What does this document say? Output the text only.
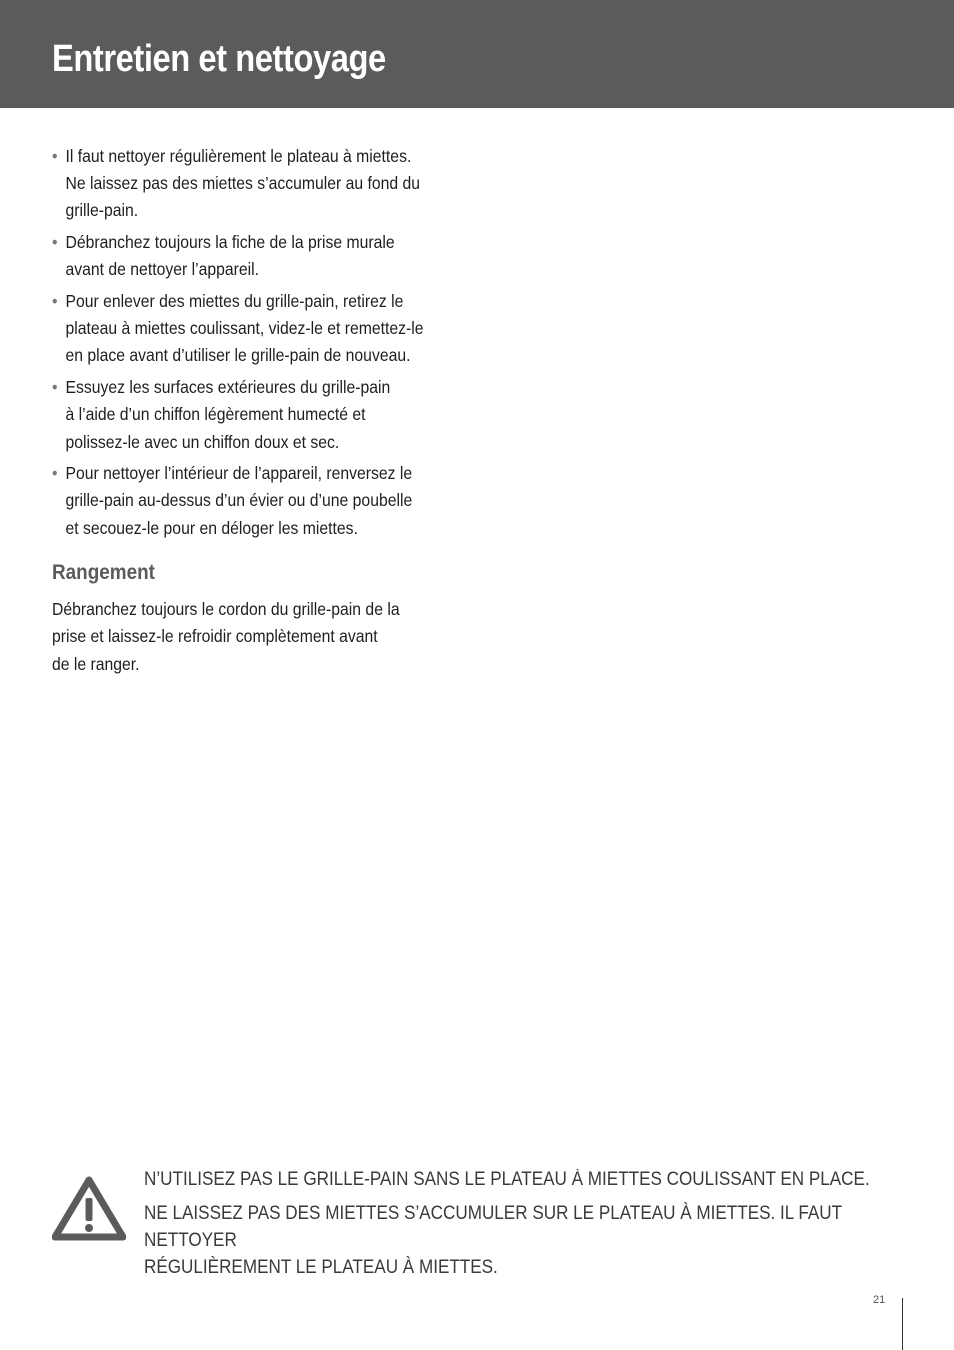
Entretien et nettoyage
• Il faut nettoyer régulièrement le plateau à miettes.
Ne laissez pas des miettes s’accumuler au fond du
grille-pain.
• Débranchez toujours la fiche de la prise murale
avant de nettoyer l’appareil.
• Pour enlever des miettes du grille-pain, retirez le
plateau à miettes coulissant, videz-le et remettez-le
en place avant d’utiliser le grille-pain de nouveau.
• Essuyez les surfaces extérieures du grille-pain
à l’aide d’un chiffon légèrement humecté et
polissez-le avec un chiffon doux et sec.
• Pour nettoyer l’intérieur de l’appareil, renversez le
grille-pain au-dessus d’un évier ou d’une poubelle
et secouez-le pour en déloger les miettes.
Rangement

Débranchez toujours le cordon du grille-pain de la
prise et laissez-le refroidir complètement avant
de le ranger.

N’UTILISEZ PAS LE GRILLE-PAIN SANS LE PLATEAU À MIETTES COULISSANT EN PLACE.

NE LAISSEZ PAS DES MIETTES S’ACCUMULER SUR LE PLATEAU À MIETTES. IL FAUT NETTOYER
RÉGULIÈREMENT LE PLATEAU À MIETTES.

21
